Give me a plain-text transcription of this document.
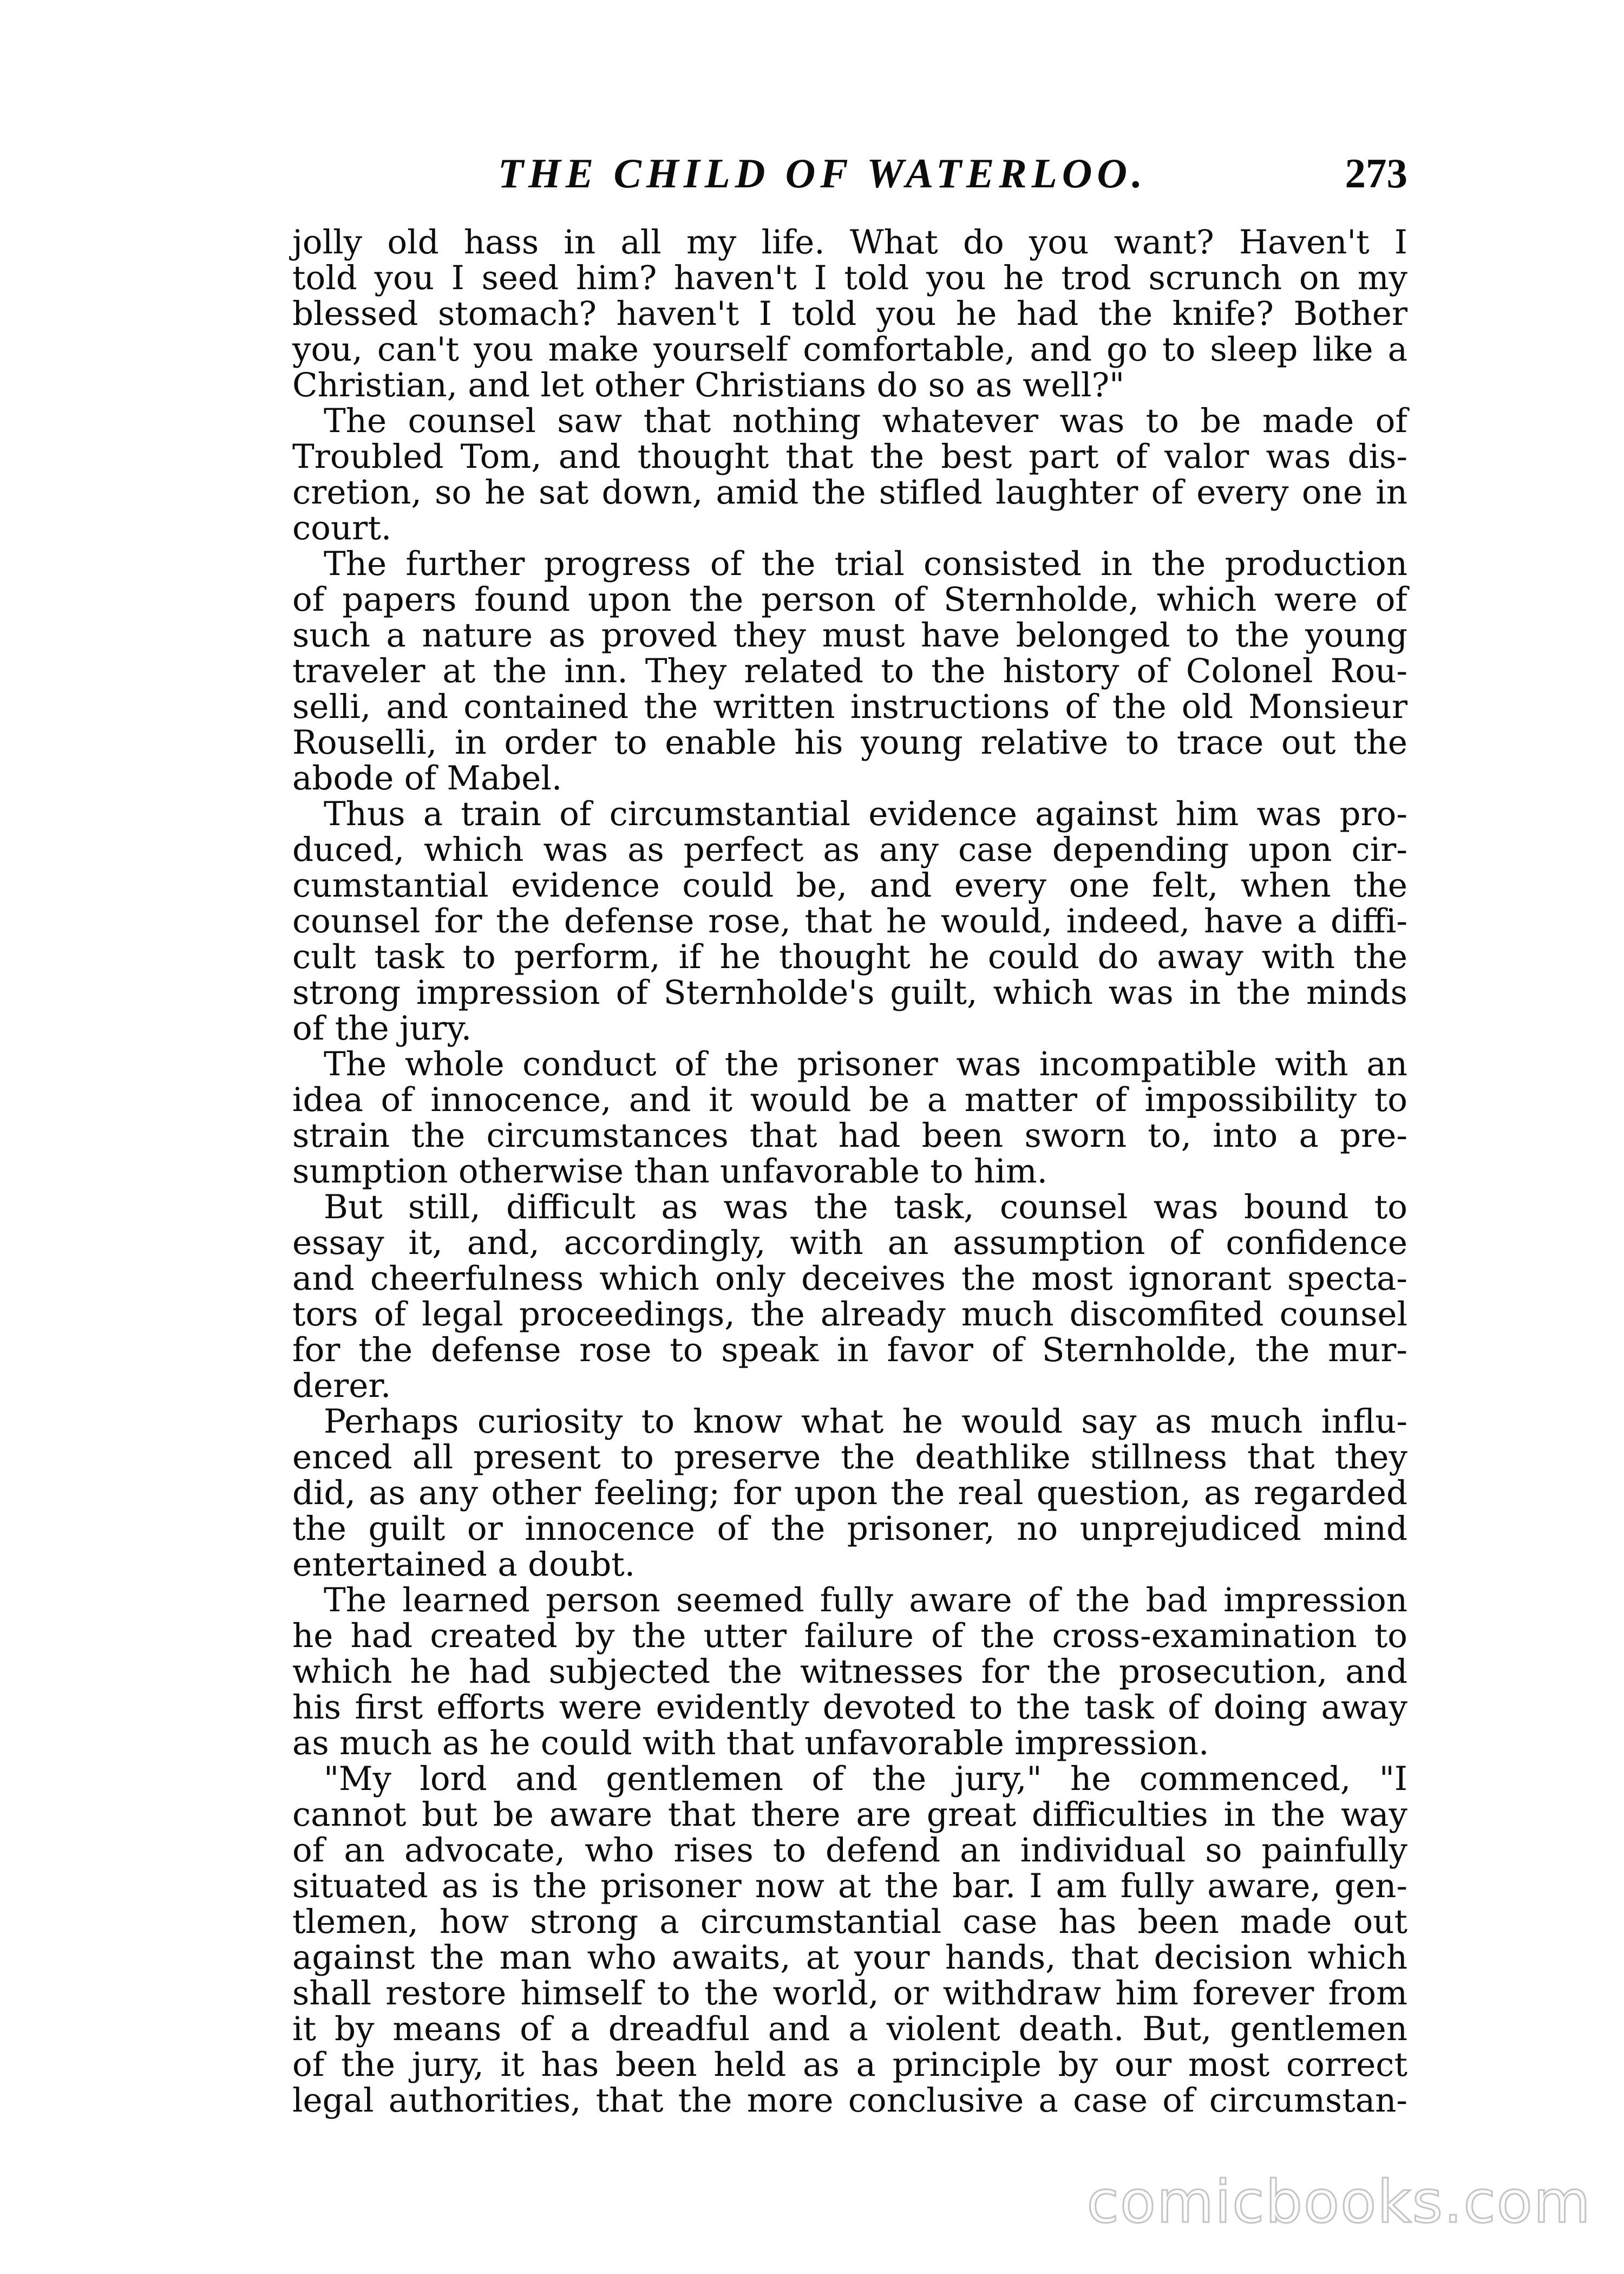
THE CHILD OF WATERLOO.	273
jolly old hass in all my life. What do you want? Haven't I
told you I seed him? haven't I told you he trod scrunch on my
blessed stomach? haven't I told you he had the knife? Bother
you, can't you make yourself comfortable, and go to sleep like a
Christian, and let other Christians do so as well?"
The counsel saw that nothing whatever was to be made of
Troubled Tom, and thought that the best part of valor was dis-
cretion, so he sat down, amid the stifled laughter of every one in
court.
The further progress of the trial consisted in the production
of papers found upon the person of Sternholde, which were of
such a nature as proved they must have belonged to the young
traveler at the inn. They related to the history of Colonel Rou-
selli, and contained the written instructions of the old Monsieur
Rouselli, in order to enable his young relative to trace out the
abode of Mabel.
Thus a train of circumstantial evidence against him was pro-
duced, which was as perfect as any case depending upon cir-
cumstantial evidence could be, and every one felt, when the
counsel for the defense rose, that he would, indeed, have a diffi-
cult task to perform, if he thought he could do away with the
strong impression of Sternholde's guilt, which was in the minds
of the jury.
The whole conduct of the prisoner was incompatible with an
idea of innocence, and it would be a matter of impossibility to
strain the circumstances that had been sworn to, into a pre-
sumption otherwise than unfavorable to him.
But still, difficult as was the task, counsel was bound to
essay it, and, accordingly, with an assumption of confidence
and cheerfulness which only deceives the most ignorant specta-
tors of legal proceedings, the already much discomfited counsel
for the defense rose to speak in favor of Sternholde, the mur-
derer.
Perhaps curiosity to know what he would say as much influ-
enced all present to preserve the deathlike stillness that they
did, as any other feeling; for upon the real question, as regarded
the guilt or innocence of the prisoner, no unprejudiced mind
entertained a doubt.
The learned person seemed fully aware of the bad impression
he had created by the utter failure of the cross-examination to
which he had subjected the witnesses for the prosecution, and
his first efforts were evidently devoted to the task of doing away
as much as he could with that unfavorable impression.
"My lord and gentlemen of the jury," he commenced, "I
cannot but be aware that there are great difficulties in the way
of an advocate, who rises to defend an individual so painfully
situated as is the prisoner now at the bar. I am fully aware, gen-
tlemen, how strong a circumstantial case has been made out
against the man who awaits, at your hands, that decision which
shall restore himself to the world, or withdraw him forever from
it by means of a dreadful and a violent death. But, gentlemen
of the jury, it has been held as a principle by our most correct
legal authorities, that the more conclusive a case of circumstan-
comicbooks.com
